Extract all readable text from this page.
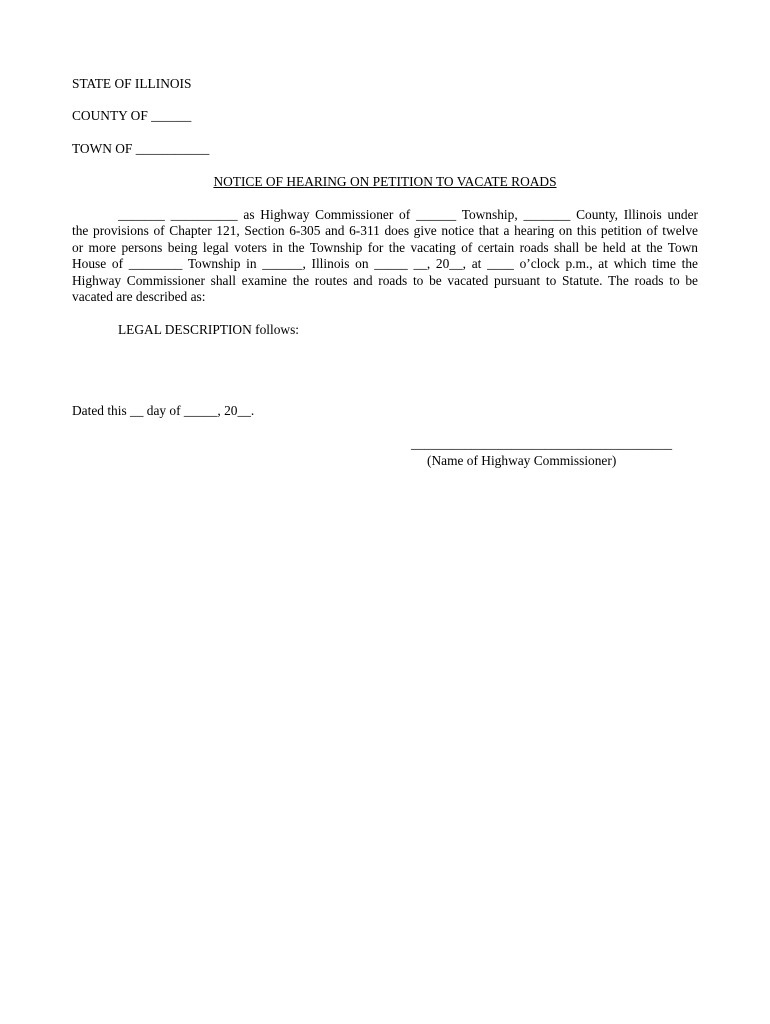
STATE OF ILLINOIS
COUNTY OF ______
TOWN OF ___________
NOTICE OF HEARING ON PETITION TO VACATE ROADS
_______ __________ as Highway Commissioner of ______ Township, _______ County, Illinois under
the provisions of Chapter 121, Section 6-305 and 6-311 does give notice that a hearing on this petition of twelve
or more persons being legal voters in the Township for the vacating of certain roads shall be held at the Town
House of ________ Township in ______, Illinois on _____ __, 20__, at ____ o’clock p.m., at which time the
Highway Commissioner shall examine the routes and roads to be vacated pursuant to Statute. The roads to be
vacated are described as:
LEGAL DESCRIPTION follows:
Dated this __ day of _____, 20__.
_______________________________________
(Name of Highway Commissioner)
